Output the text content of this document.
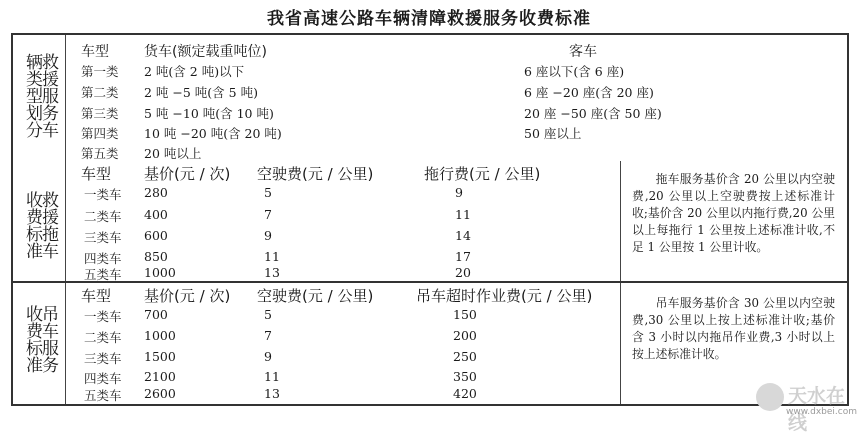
我省高速公路车辆清障救援服务收费标准
救援服务车
辆类型划分
车型	货车(额定载重吨位)	客车
第一类 2 吨(含 2 吨)以下	6 座以下(含 6 座)
第二类 2 吨 −5 吨(含 5 吨)	6 座 −20 座(含 20 座)
第三类 5 吨 −10 吨(含 10 吨)	20 座 −50 座(含 50 座)
第四类 10 吨 −20 吨(含 20 吨)	50 座以上
第五类 20 吨以上
救援拖车
收费标准
车型 基价(元 / 次) 空驶费(元 / 公里)	拖行费(元 / 公里)
一类车 280	5	9
二类车 400	7	11
三类车 600	9	14
四类车 850	11	17
五类车 1000	13	20
拖车服务基价含 20 公里以内空驶费,20 公里以上空驶费按上述标准计收;基价含 20 公里以内拖行费,20 公里以上每拖行 1 公里按上述标准计收,不足 1 公里按 1 公里计收。
吊车服务
收费标准
车型 基价(元 / 次) 空驶费(元 / 公里)	吊车超时作业费(元 / 公里)
一类车 700	5	150
二类车 1000	7	200
三类车 1500	9	250
四类车 2100	11	350
五类车 2600	13	420
吊车服务基价含 30 公里以内空驶费,30 公里以上按上述标准计收;基价含 3 小时以内拖吊作业费,3 小时以上按上述标准计收。
天水在线
www.dxbei.com
